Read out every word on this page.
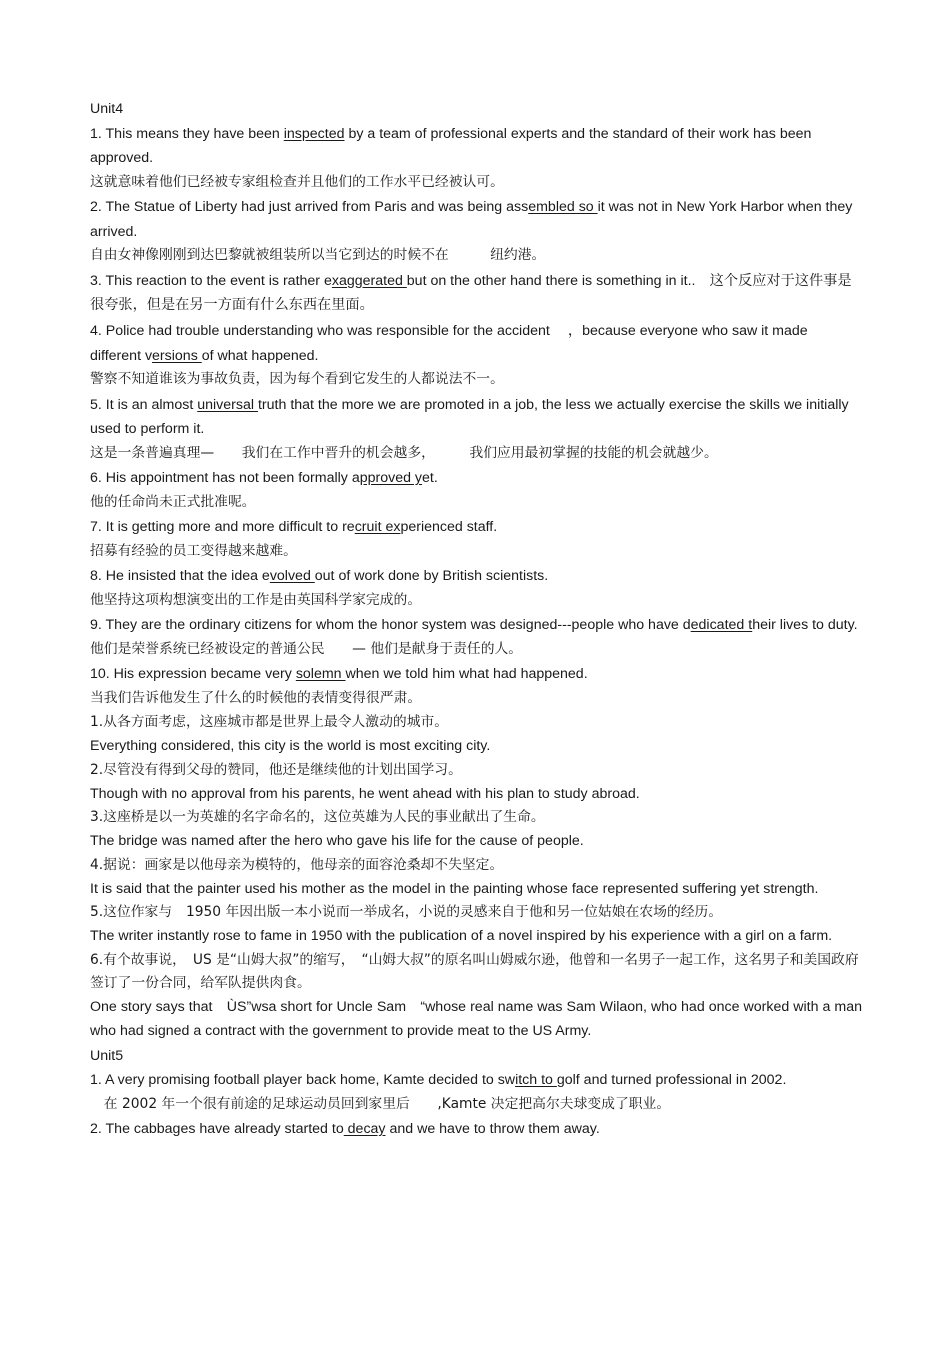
Unit4

1. This means they have been inspected by a team of professional experts and the standard of their work has been approved.

这就意味着他们已经被专家组检查并且他们的工作水平已经被认可。

2. The Statue of Liberty had just arrived from Paris and was being assembled so it was not in New York Harbor when they arrived.

自由女神像刚刚到达巴黎就被组装所以当它到达的时候不在　　　纽约港。

3. This reaction to the event is rather exaggerated but on the other hand there is something in it..　这个反应对于这件事是很夸张，但是在另一方面有什么东西在里面。

4. Police had trouble understanding who was responsible for the accident　 ，because everyone who saw it made different versions of what happened.

警察不知道谁该为事故负责，因为每个看到它发生的人都说法不一。

5. It is an almost universal truth that the more we are promoted in a job, the less we actually exercise the skills we initially used to perform it.

这是一条普遍真理—　　我们在工作中晋升的机会越多，　　　我们应用最初掌握的技能的机会就越少。

6. His appointment has not been formally approved yet.

他的任命尚未正式批准呢。

7. It is getting more and more difficult to recruit experienced staff.

招募有经验的员工变得越来越难。

8. He insisted that the idea evolved out of work done by British scientists.

他坚持这项构想演变出的工作是由英国科学家完成的。

9. They are the ordinary citizens for whom the honor system was designed---people who have dedicated their lives to duty.

他们是荣誉系统已经被设定的普通公民　　— 他们是献身于责任的人。

10. His expression became very solemn when we told him what had happened.

当我们告诉他发生了什么的时候他的表情变得很严肃。

1.从各方面考虑，这座城市都是世界上最令人激动的城市。

Everything considered, this city is the world is most exciting city.

2.尽管没有得到父母的赞同，他还是继续他的计划出国学习。

Though with no approval from his parents, he went ahead with his plan to study abroad.

3.这座桥是以一为英雄的名字命名的，这位英雄为人民的事业献出了生命。

The bridge was named after the hero who gave his life for the cause of people.

4.据说：画家是以他母亲为模特的，他母亲的面容沧桑却不失坚定。

It is said that the painter used his mother as the model in the painting whose face represented suffering yet strength.

5.这位作家与　1950 年因出版一本小说而一举成名，小说的灵感来自于他和另一位姑娘在农场的经历。

The writer instantly rose to fame in 1950 with the publication of a novel inspired by his experience with a girl on a farm.

6.有个故事说，　US 是“山姆大叔”的缩写，　“山姆大叔”的原名叫山姆威尔逊，他曾和一名男子一起工作，这名男子和美国政府签订了一份合同，给军队提供肉食。

One story says that　ÙS”wsa short for Uncle Sam　“whose real name was Sam Wilaon, who had once worked with a man who had signed a contract with the government to provide meat to the US Army.

Unit5

1. A very promising football player back home, Kamte decided to switch to golf and turned professional in 2002.

　在 2002 年一个很有前途的足球运动员回到家里后　　,Kamte 决定把高尔夫球变成了职业。

2. The cabbages have already started to decay and we have to throw them away.
